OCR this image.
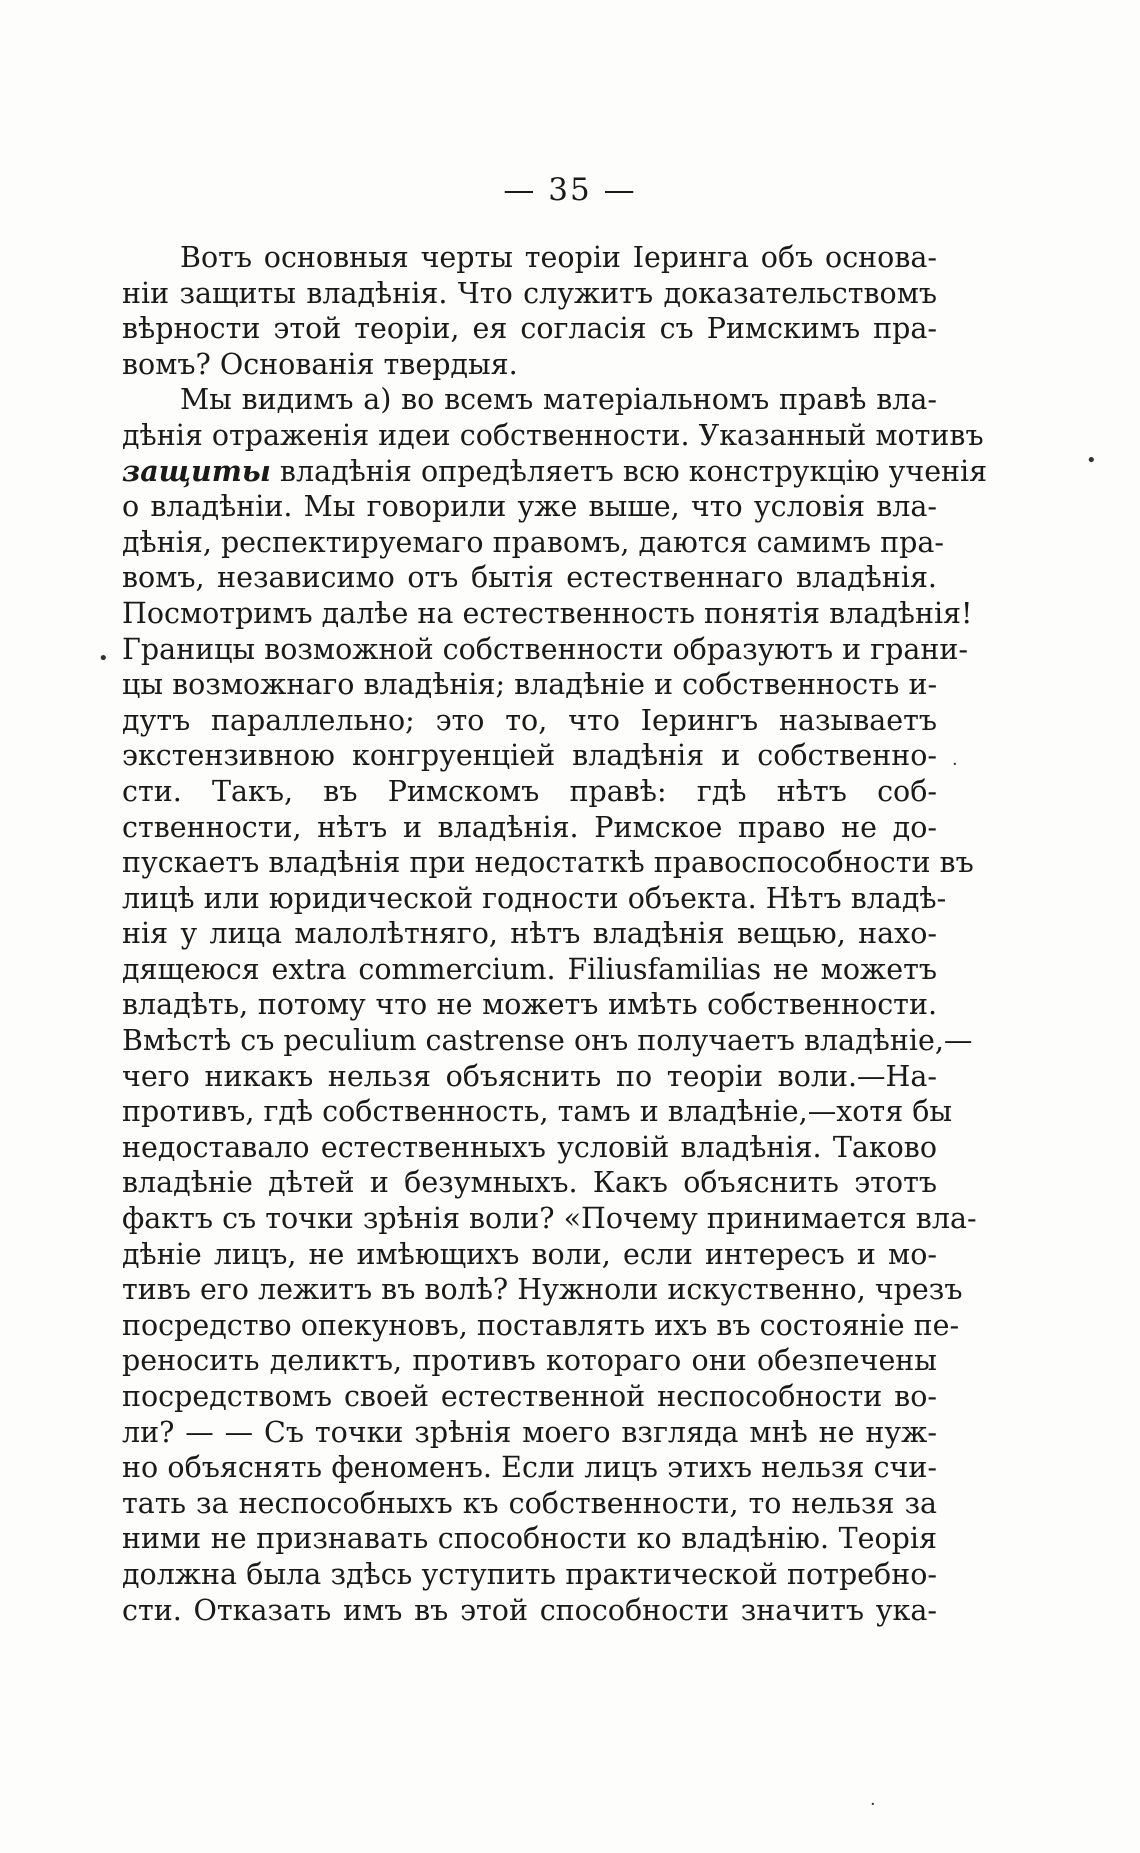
— 35 —
Вотъ основныя черты теоріи Іеринга объ основа-
ніи защиты владѣнія. Что служитъ доказательствомъ
вѣрности этой теоріи, ея согласія съ Римскимъ пра-
вомъ? Основанія твердыя.
Мы видимъ а) во всемъ матеріальномъ правѣ вла-
дѣнія отраженія идеи собственности. Указанный мотивъ
защиты владѣнія опредѣляетъ всю конструкцію ученія
о владѣніи. Мы говорили уже выше, что условія вла-
дѣнія, респектируемаго правомъ, даются самимъ пра-
вомъ, независимо отъ бытія естественнаго владѣнія.
Посмотримъ далѣе на естественность понятія владѣнія!
Границы возможной собственности образуютъ и грани-
цы возможнаго владѣнія; владѣніе и собственность и-
дутъ параллельно; это то, что Іерингъ называетъ
экстензивною конгруенціей владѣнія и собственно-
сти. Такъ, въ Римскомъ правѣ: гдѣ нѣтъ соб-
ственности, нѣтъ и владѣнія. Римское право не до-
пускаетъ владѣнія при недостаткѣ правоспособности въ
лицѣ или юридической годности объекта. Нѣтъ владѣ-
нія у лица малолѣтняго, нѣтъ владѣнія вещью, нахо-
дящеюся extra commercium. Filiusfamilias не можетъ
владѣть, потому что не можетъ имѣть собственности.
Вмѣстѣ съ peculium castrense онъ получаетъ владѣніе,—
чего никакъ нельзя объяснить по теоріи воли.—На-
противъ, гдѣ собственность, тамъ и владѣніе,—хотя бы
недоставало естественныхъ условій владѣнія. Таково
владѣніе дѣтей и безумныхъ. Какъ объяснить этотъ
фактъ съ точки зрѣнія воли? «Почему принимается вла-
дѣніе лицъ, не имѣющихъ воли, если интересъ и мо-
тивъ его лежитъ въ волѣ? Нужноли искуственно, чрезъ
посредство опекуновъ, поставлять ихъ въ состояніе пе-
реносить деликтъ, противъ котораго они обезпечены
посредствомъ своей естественной неспособности во-
ли? — — Съ точки зрѣнія моего взгляда мнѣ не нуж-
но объяснять феноменъ. Если лицъ этихъ нельзя счи-
тать за неспособныхъ къ собственности, то нельзя за
ними не признавать способности ко владѣнію. Теорія
должна была здѣсь уступить практической потребно-
сти. Отказать имъ въ этой способности значитъ ука-
•
•
·
·
